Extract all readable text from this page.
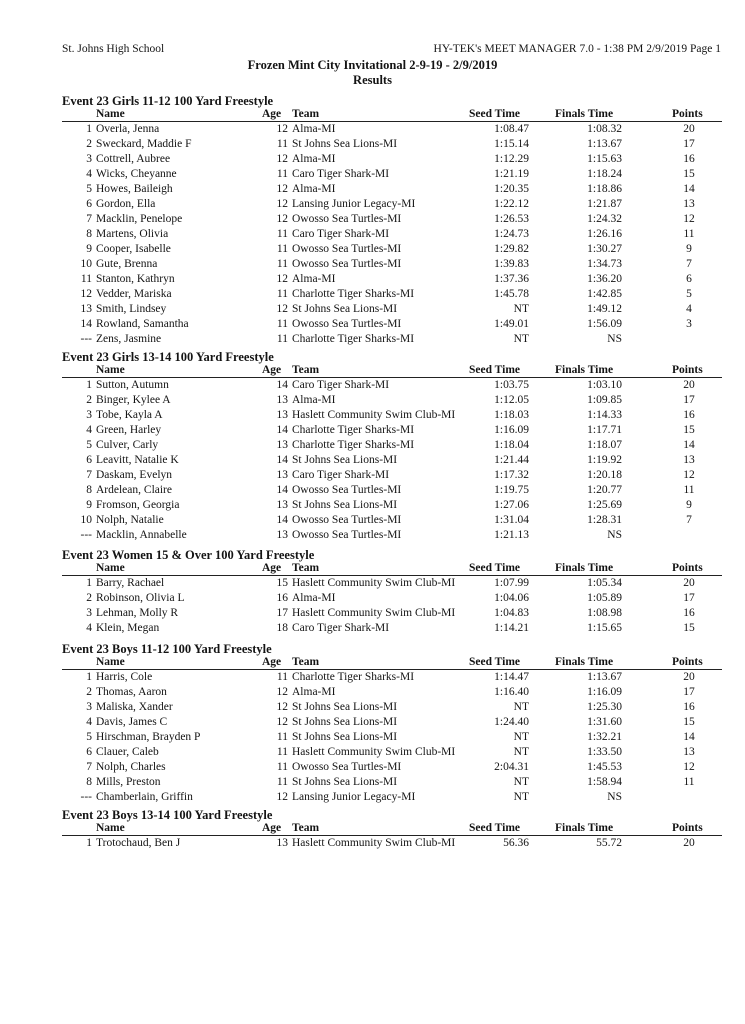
St. Johns High School	HY-TEK's MEET MANAGER 7.0 - 1:38 PM 2/9/2019 Page 1
Frozen Mint City Invitational 2-9-19 - 2/9/2019
Results
Event 23 Girls 11-12 100 Yard Freestyle
Name	Age Team	Seed Time	Finals Time	Points
1 Overla, Jenna	12 Alma-MI	1:08.47	1:08.32	20
2 Sweckard, Maddie F	11 St Johns Sea Lions-MI	1:15.14	1:13.67	17
3 Cottrell, Aubree	12 Alma-MI	1:12.29	1:15.63	16
4 Wicks, Cheyanne	11 Caro Tiger Shark-MI	1:21.19	1:18.24	15
5 Howes, Baileigh	12 Alma-MI	1:20.35	1:18.86	14
6 Gordon, Ella	12 Lansing Junior Legacy-MI	1:22.12	1:21.87	13
7 Macklin, Penelope	12 Owosso Sea Turtles-MI	1:26.53	1:24.32	12
8 Martens, Olivia	11 Caro Tiger Shark-MI	1:24.73	1:26.16	11
9 Cooper, Isabelle	11 Owosso Sea Turtles-MI	1:29.82	1:30.27	9
10 Gute, Brenna	11 Owosso Sea Turtles-MI	1:39.83	1:34.73	7
11 Stanton, Kathryn	12 Alma-MI	1:37.36	1:36.20	6
12 Vedder, Mariska	11 Charlotte Tiger Sharks-MI	1:45.78	1:42.85	5
13 Smith, Lindsey	12 St Johns Sea Lions-MI	NT	1:49.12	4
14 Rowland, Samantha	11 Owosso Sea Turtles-MI	1:49.01	1:56.09	3
--- Zens, Jasmine	11 Charlotte Tiger Sharks-MI	NT	NS
Event 23 Girls 13-14 100 Yard Freestyle
Name	Age Team	Seed Time	Finals Time	Points
1 Sutton, Autumn	14 Caro Tiger Shark-MI	1:03.75	1:03.10	20
2 Binger, Kylee A	13 Alma-MI	1:12.05	1:09.85	17
3 Tobe, Kayla A	13 Haslett Community Swim Club-MI	1:18.03	1:14.33	16
4 Green, Harley	14 Charlotte Tiger Sharks-MI	1:16.09	1:17.71	15
5 Culver, Carly	13 Charlotte Tiger Sharks-MI	1:18.04	1:18.07	14
6 Leavitt, Natalie K	14 St Johns Sea Lions-MI	1:21.44	1:19.92	13
7 Daskam, Evelyn	13 Caro Tiger Shark-MI	1:17.32	1:20.18	12
8 Ardelean, Claire	14 Owosso Sea Turtles-MI	1:19.75	1:20.77	11
9 Fromson, Georgia	13 St Johns Sea Lions-MI	1:27.06	1:25.69	9
10 Nolph, Natalie	14 Owosso Sea Turtles-MI	1:31.04	1:28.31	7
--- Macklin, Annabelle	13 Owosso Sea Turtles-MI	1:21.13	NS
Event 23 Women 15 & Over 100 Yard Freestyle
Name	Age Team	Seed Time	Finals Time	Points
1 Barry, Rachael	15 Haslett Community Swim Club-MI	1:07.99	1:05.34	20
2 Robinson, Olivia L	16 Alma-MI	1:04.06	1:05.89	17
3 Lehman, Molly R	17 Haslett Community Swim Club-MI	1:04.83	1:08.98	16
4 Klein, Megan	18 Caro Tiger Shark-MI	1:14.21	1:15.65	15
Event 23 Boys 11-12 100 Yard Freestyle
Name	Age Team	Seed Time	Finals Time	Points
1 Harris, Cole	11 Charlotte Tiger Sharks-MI	1:14.47	1:13.67	20
2 Thomas, Aaron	12 Alma-MI	1:16.40	1:16.09	17
3 Maliska, Xander	12 St Johns Sea Lions-MI	NT	1:25.30	16
4 Davis, James C	12 St Johns Sea Lions-MI	1:24.40	1:31.60	15
5 Hirschman, Brayden P	11 St Johns Sea Lions-MI	NT	1:32.21	14
6 Clauer, Caleb	11 Haslett Community Swim Club-MI	NT	1:33.50	13
7 Nolph, Charles	11 Owosso Sea Turtles-MI	2:04.31	1:45.53	12
8 Mills, Preston	11 St Johns Sea Lions-MI	NT	1:58.94	11
--- Chamberlain, Griffin	12 Lansing Junior Legacy-MI	NT	NS
Event 23 Boys 13-14 100 Yard Freestyle
Name	Age Team	Seed Time	Finals Time	Points
1 Trotochaud, Ben J	13 Haslett Community Swim Club-MI	56.36	55.72	20
